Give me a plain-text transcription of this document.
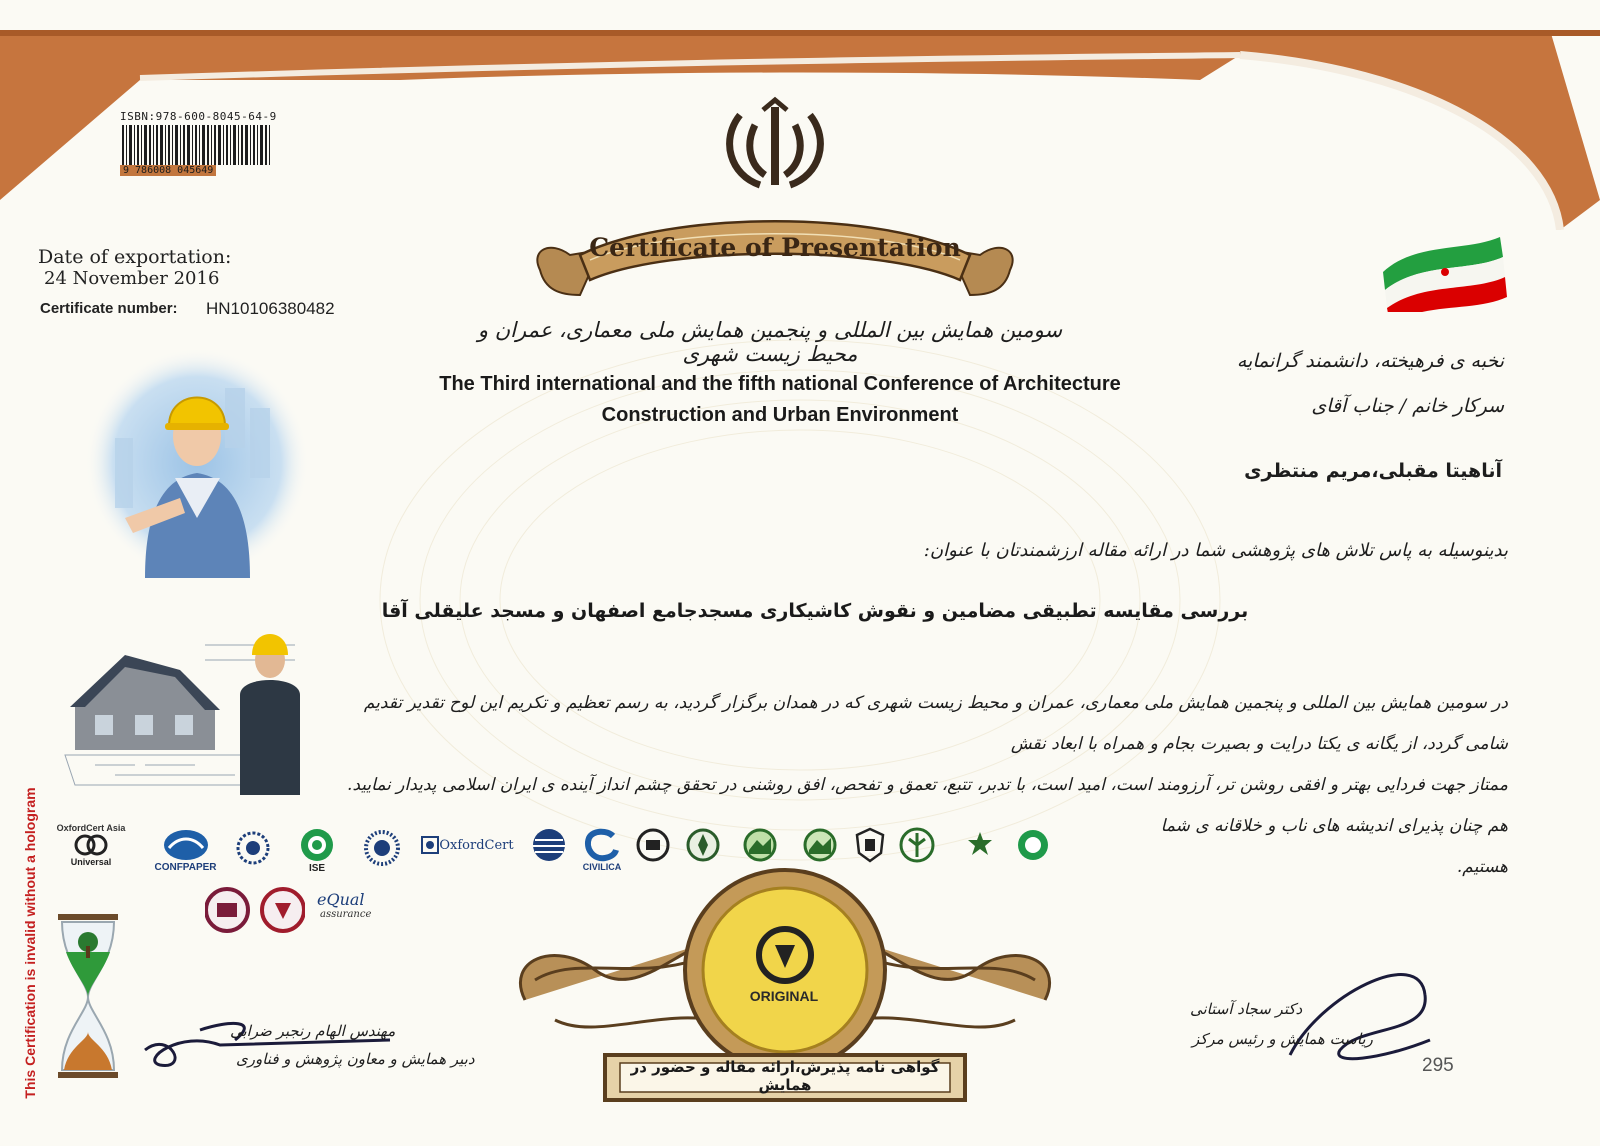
ISBN:978-600-8045-64-9
9 786008 045649
Date of exportation:
24 November 2016
Certificate number: HN10106380482
Certificate of Presentation
سومین همایش بین المللی و پنجمین همایش ملی معماری، عمران و محیط زیست شهری
The Third international and the fifth national Conference of Architecture
Construction and Urban Environment
نخبه ی فرهیخته، دانشمند گرانمایه
سرکار خانم / جناب آقای
آناهیتا مقبلی،مریم منتظری
بدینوسیله به پاس تلاش های پژوهشی شما در ارائه مقاله ارزشمندتان با عنوان:
بررسی مقایسه تطبیقی مضامین و نقوش کاشیکاری مسجدجامع اصفهان و مسجد علیقلی آقا
در سومین همایش بین المللی و پنجمین همایش ملی معماری، عمران و محیط زیست شهری که در همدان برگزار گردید، به رسم تعظیم و تکریم این لوح تقدیر تقدیم شامی گردد، از یگانه ی یکتا درایت و بصیرت بجام و همراه با ابعاد نقش
ممتاز جهت فردایی بهتر و افقی روشن تر، آرزومند است، امید است، با تدبر، تتبع، تعمق و تفحص، افق روشنی در تحقق چشم انداز آینده ی ایران اسلامی پدیدار نمایید. هم چنان پذیرای اندیشه های ناب و خلاقانه ی شما
هستیم.
OxfordCert Asia
Universal	CONFPAPER	ISE
OxfordCert
CIVILICA
eQual
assurance
This Certification is invalid without a hologram	ORIGINAL
گواهی نامه پذیرش،ارائه مقاله و حضور در همایش
مهندس الهام رنجبر ضرابی
دبیر همایش و معاون پژوهش و فناوری
دکتر سجاد آستانی
ریاست همایش و رئیس مرکز
295
